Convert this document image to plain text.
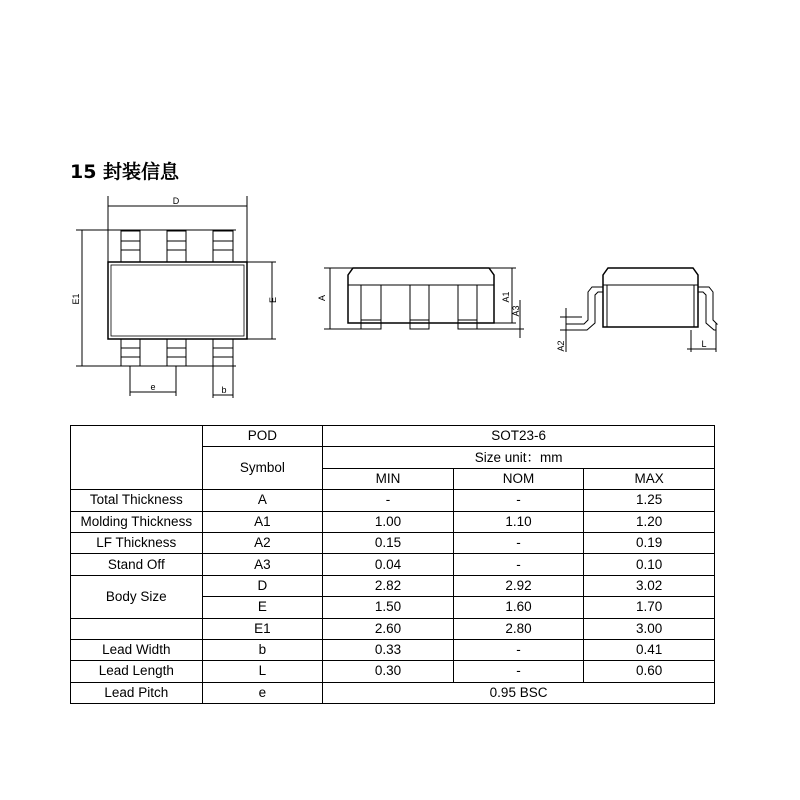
15 封装信息
D
E1	E
e	b
A	A1
A3
A2	L
	POD	SOT23-6		
	Symbol	Size unit：mm		
		MIN	NOM	MAX
Total Thickness	A	-	-	1.25
Molding Thickness	A1	1.00	1.10	1.20
LF Thickness	A2	0.15	-	0.19
Stand Off	A3	0.04	-	0.10
Body Size	D	2.82	2.92	3.02
	E	1.50	1.60	1.70
	E1	2.60	2.80	3.00
Lead Width	b	0.33	-	0.41
Lead Length	L	0.30	-	0.60
Lead Pitch	e	0.95 BSC		
